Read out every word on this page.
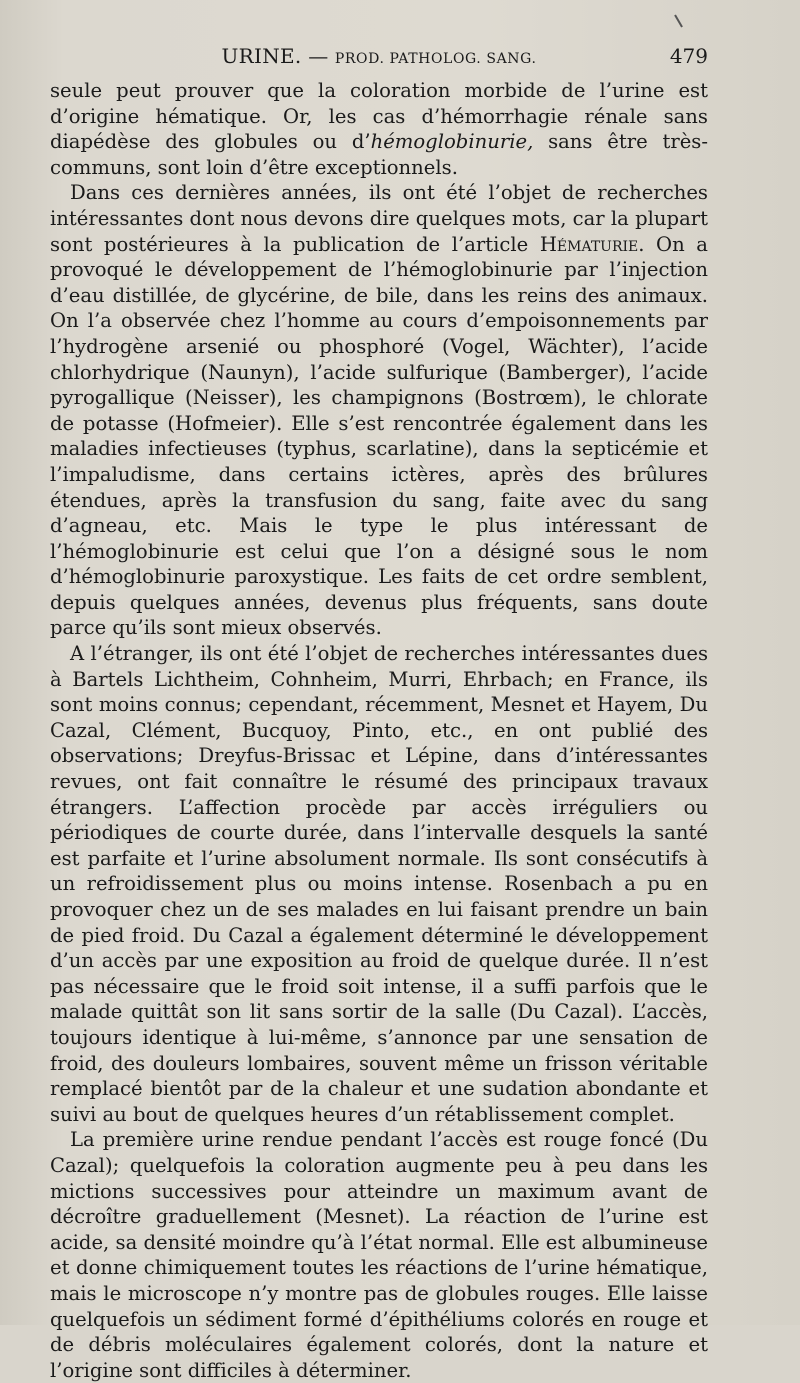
URINE. — PROD. PATHOLOG. SANG.	479

seule peut prouver que la coloration morbide de l’urine est d’origine hématique. Or, les cas d’hémorrhagie rénale sans diapédèse des globules ou d’hémoglobinurie, sans être très-communs, sont loin d’être exceptionnels.

Dans ces dernières années, ils ont été l’objet de recherches intéressantes dont nous devons dire quelques mots, car la plupart sont postérieures à la publication de l’article Hématurie. On a provoqué le développement de l’hémoglobinurie par l’injection d’eau distillée, de glycérine, de bile, dans les reins des animaux. On l’a observée chez l’homme au cours d’empoisonnements par l’hydrogène arsenié ou phosphoré (Vogel, Wächter), l’acide chlorhydrique (Naunyn), l’acide sulfurique (Bamberger), l’acide pyrogallique (Neisser), les champignons (Bostrœm), le chlorate de potasse (Hofmeier). Elle s’est rencontrée également dans les maladies infectieuses (typhus, scarlatine), dans la septicémie et l’impaludisme, dans certains ictères, après des brûlures étendues, après la transfusion du sang, faite avec du sang d’agneau, etc. Mais le type le plus intéressant de l’hémoglobinurie est celui que l’on a désigné sous le nom d’hémoglobinurie paroxystique. Les faits de cet ordre semblent, depuis quelques années, devenus plus fréquents, sans doute parce qu’ils sont mieux observés.

A l’étranger, ils ont été l’objet de recherches intéressantes dues à Bartels Lichtheim, Cohnheim, Murri, Ehrbach; en France, ils sont moins connus; cependant, récemment, Mesnet et Hayem, Du Cazal, Clément, Bucquoy, Pinto, etc., en ont publié des observations; Dreyfus-Brissac et Lépine, dans d’intéressantes revues, ont fait connaître le résumé des principaux travaux étrangers. L’affection procède par accès irréguliers ou périodiques de courte durée, dans l’intervalle desquels la santé est parfaite et l’urine absolument normale. Ils sont consécutifs à un refroidissement plus ou moins intense. Rosenbach a pu en provoquer chez un de ses malades en lui faisant prendre un bain de pied froid. Du Cazal a également déterminé le développement d’un accès par une exposition au froid de quelque durée. Il n’est pas nécessaire que le froid soit intense, il a suffi parfois que le malade quittât son lit sans sortir de la salle (Du Cazal). L’accès, toujours identique à lui-même, s’annonce par une sensation de froid, des douleurs lombaires, souvent même un frisson véritable remplacé bientôt par de la chaleur et une sudation abondante et suivi au bout de quelques heures d’un rétablissement complet.

La première urine rendue pendant l’accès est rouge foncé (Du Cazal); quelquefois la coloration augmente peu à peu dans les mictions successives pour atteindre un maximum avant de décroître graduellement (Mesnet). La réaction de l’urine est acide, sa densité moindre qu’à l’état normal. Elle est albumineuse et donne chimiquement toutes les réactions de l’urine hématique, mais le microscope n’y montre pas de globules rouges. Elle laisse quelquefois un sédiment formé d’épithéliums colorés en rouge et de débris moléculaires également colorés, dont la nature et l’origine sont difficiles à déterminer.
